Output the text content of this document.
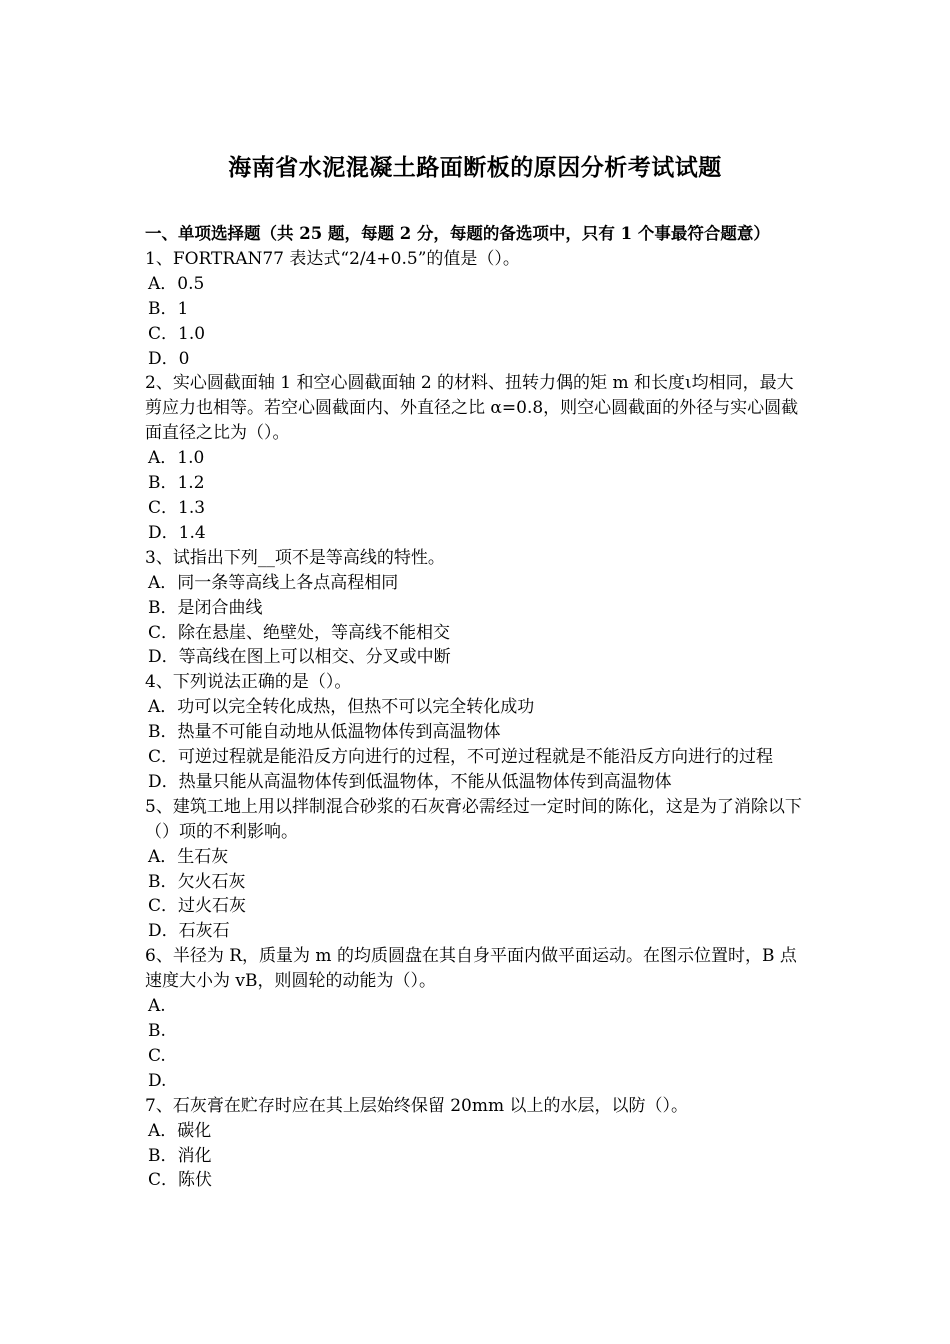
海南省水泥混凝土路面断板的原因分析考试试题
一、单项选择题（共 25 题，每题 2 分，每题的备选项中，只有 1 个事最符合题意）
1、FORTRAN77 表达式“2/4+0.5”的值是（）。
A．0.5
B．1
C．1.0
D．0
2、实心圆截面轴 1 和空心圆截面轴 2 的材料、扭转力偶的矩 m 和长度ι均相同，最大剪应力也相等。若空心圆截面内、外直径之比 α=0.8，则空心圆截面的外径与实心圆截面直径之比为（）。
A．1.0
B．1.2
C．1.3
D．1.4
3、试指出下列__项不是等高线的特性。
A．同一条等高线上各点高程相同
B．是闭合曲线
C．除在悬崖、绝壁处，等高线不能相交
D．等高线在图上可以相交、分叉或中断
4、下列说法正确的是（）。
A．功可以完全转化成热，但热不可以完全转化成功
B．热量不可能自动地从低温物体传到高温物体
C．可逆过程就是能沿反方向进行的过程，不可逆过程就是不能沿反方向进行的过程
D．热量只能从高温物体传到低温物体，不能从低温物体传到高温物体
5、建筑工地上用以拌制混合砂浆的石灰膏必需经过一定时间的陈化，这是为了消除以下（）项的不利影响。
A．生石灰
B．欠火石灰
C．过火石灰
D．石灰石
6、半径为 R，质量为 m 的均质圆盘在其自身平面内做平面运动。在图示位置时，B 点速度大小为 vB，则圆轮的动能为（）。
A.
B.
C.
D.
7、石灰膏在贮存时应在其上层始终保留 20mm 以上的水层，以防（）。
A．碳化
B．消化
C．陈伏
